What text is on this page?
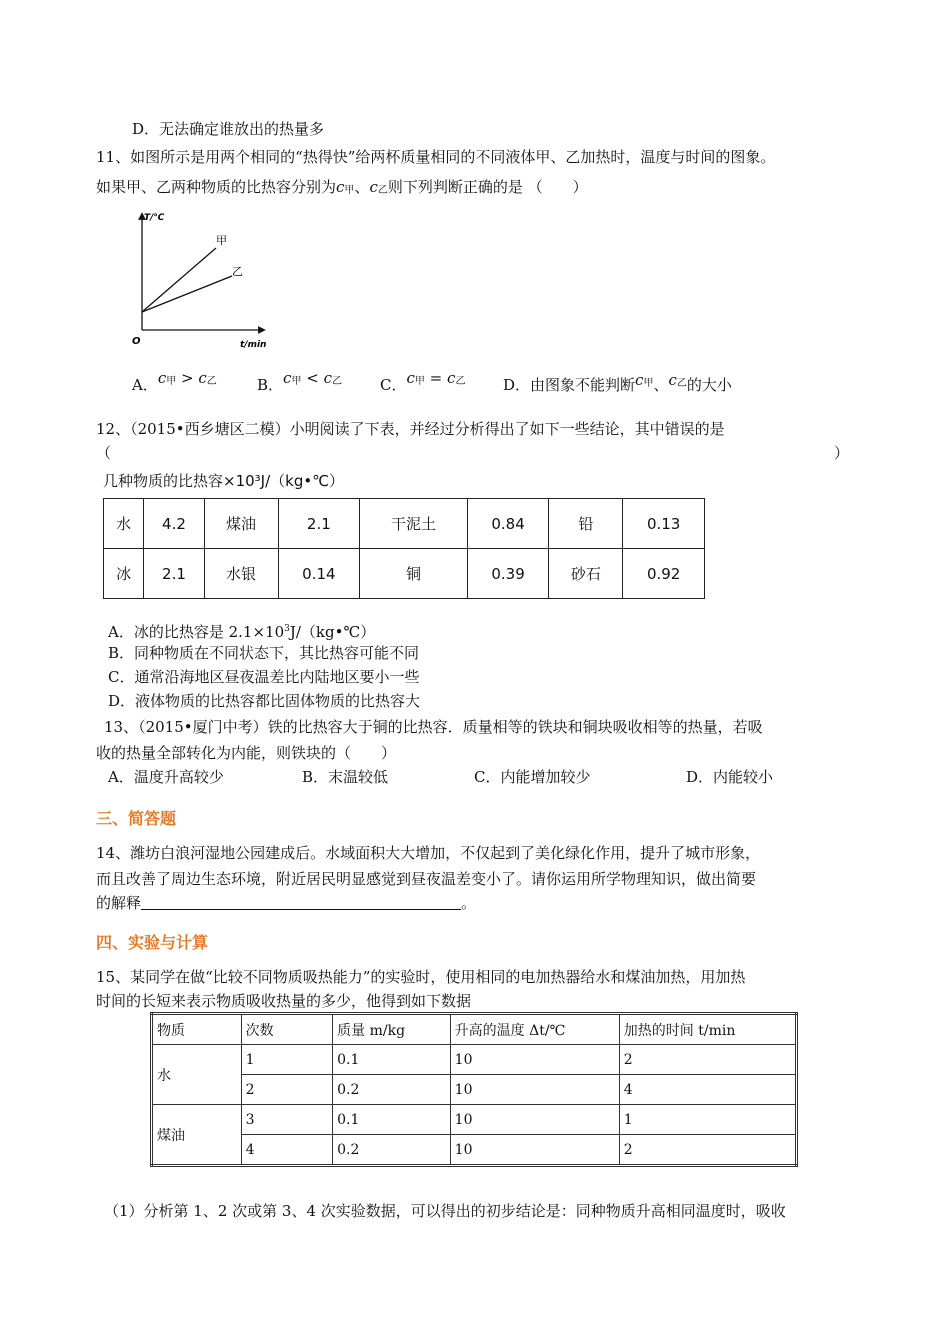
D．无法确定谁放出的热量多
11、如图所示是用两个相同的“热得快”给两杯质量相同的不同液体甲、乙加热时，温度与时间的图象。
如果甲、乙两种物质的比热容分别为c甲、c乙则下列判断正确的是 （　　）
T/℃
t/min
O
甲
乙
A．c甲 > c乙	B．c甲 < c乙	C．c甲 = c乙	D．由图象不能判断c甲、c乙的大小
12、（2015•西乡塘区二模）小明阅读了下表，并经过分析得出了如下一些结论，其中错误的是
（	）
几种物质的比热容×10³J/（kg•℃）
水	4.2	煤油	2.1	干泥土	0.84	铅	0.13
冰	2.1	水银	0.14	铜	0.39	砂石	0.92
A．冰的比热容是 $2.1\times 10^3J/(kg•℃)$
B．同种物质在不同状态下，其比热容可能不同
C．通常沿海地区昼夜温差比内陆地区要小一些
D．液体物质的比热容都比固体物质的比热容大
13、（2015•厦门中考）铁的比热容大于铜的比热容．质量相等的铁块和铜块吸收相等的热量，若吸
收的热量全部转化为内能，则铁块的（　　）
A．温度升高较少	B．末温较低	C．内能增加较少	D．内能较小
三、简答题
14、潍坊白浪河湿地公园建成后。水域面积大大增加，不仅起到了美化绿化作用，提升了城市形象，
而且改善了周边生态环境，附近居民明显感觉到昼夜温差变小了。请你运用所学物理知识，做出简要
的解释	。
四、实验与计算
15、某同学在做“比较不同物质吸热能力”的实验时，使用相同的电加热器给水和煤油加热，用加热
时间的长短来表示物质吸收热量的多少，他得到如下数据
物质	次数	质量 m/kg	升高的温度 Δt/℃	加热的时间 t/min
水	1	0.1	10	2
	2	0.2	10	4
煤油	3	0.1	10	1
	4	0.2	10	2
（1）分析第 1、2 次或第 3、4 次实验数据，可以得出的初步结论是：同种物质升高相同温度时，吸收
